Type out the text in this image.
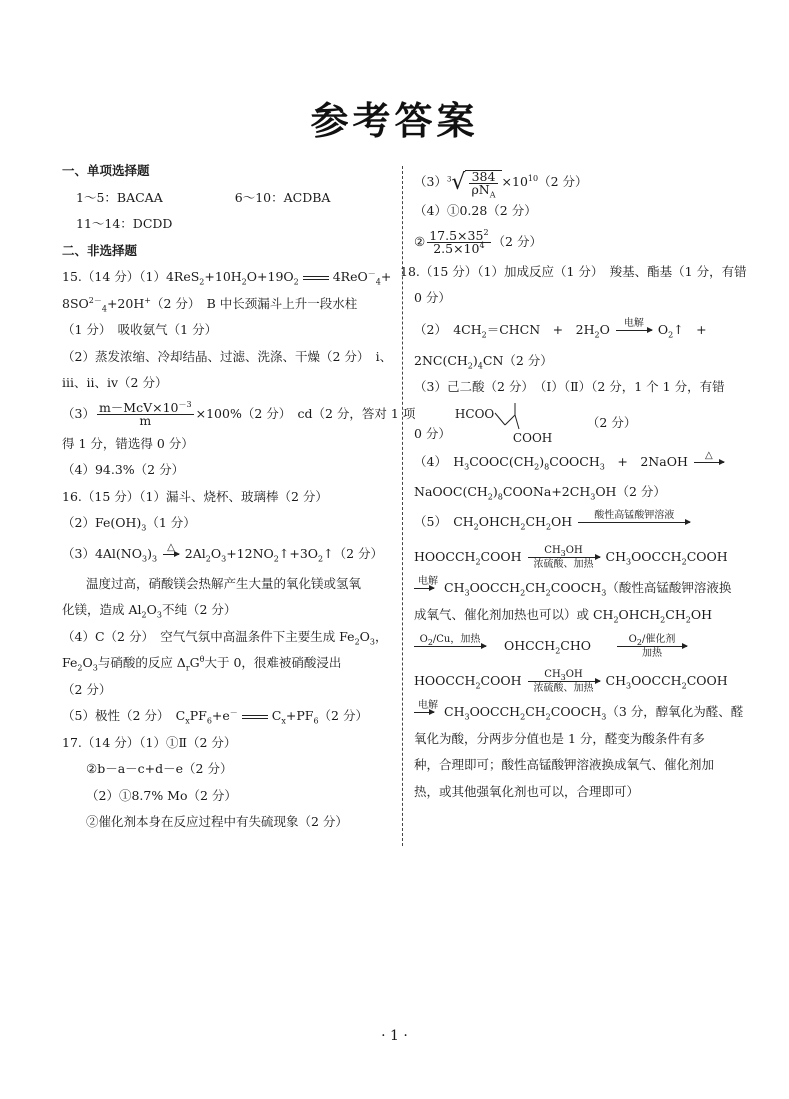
参考答案
一、单项选择题
1～5：BACAA	6～10：ACDBA
11～14：DCDD
二、非选择题
15.（14 分）$(1)4ReS_2+10H_2O+19O_2$	4ReO－$_4$+
$8SO^{2-}_4+20H^+(2$ 分）　B 中长颈漏斗上升一段水柱
（1 分）　吸收氨气（1 分）
（2）蒸发浓缩、冷却结晶、过滤、洗涤、干燥（2 分）　ⅰ、
ⅲ、ⅱ、ⅳ（2 分）
$(3) \frac{m-McV\times 10^{-3}}{m} \times 100\%(2$ 分）　cd（2 分，答对 1 项
得 1 分，错选得 0 分）
（4）94.3%（2 分）
16.（15 分）（1）漏斗、烧杯、玻璃棒（2 分）
$(2)Fe(OH)_3(1$ 分）
$(3)4Al(NO_3)_3$
△
$2Al_2O_3+12NO_2↑+3O_2↑(2$ 分）
温度过高，硝酸镁会热解产生大量的氧化镁或氢氧
化镁，造成 $Al_2O_3$不纯（2 分）
（4）C（2 分）　空气气氛中高温条件下主要生成 $Fe_2O_3$，
$Fe_2O_3$与硝酸的反应 $\Delta_rG^\theta$大于 0，很难被硝酸浸出
（2 分）
（5）极性（2 分）　$C_xPF_6+e^-$	$C_x+PF_6(2$ 分）
17.（14 分）（1）①Ⅱ（2 分）
②b－a－c+d－e（2 分）
（2）①8.7% Mo（2 分）
②催化剂本身在反应过程中有失硫现象（2 分）
$(3)^3√ \frac{384}{\rho N_A} \times 10^{10}(2$ 分）
（4）①0.28（2 分）
② $\frac{17.5\times 35^2}{2.5\times 10^4} (2$ 分）
18.（15 分）（1）加成反应（1 分）　羧基、酯基（1 分，有错
0 分）
（2）　$4CH_2=CHCN$　+　$2H_2O$	电解
	$O_2↑$　+
$2NC(CH_2)_4CN(2$ 分）
（3）己二酸（2 分）　（Ⅰ）（Ⅱ）（2 分，1 个 1 分，有错
0 分）
HCOO
COOH
（2 分）
（4）　$H_3COOC(CH_2)_8COOCH_3$　+　2NaOH	△

$NaOOC(CH_2)_8COONa+2CH_3OH(2$ 分）
（5）　$CH_2OHCH_2CH_2OH$	酸性高锰酸钾溶液

$HOOCCH_2COOH$	$CH_3OH$
浓硫酸、加热
$CH_3OOCCH_2COOH$
电解
$CH_3OOCCH_2CH_2COOCH_3$（酸性高锰酸钾溶液换
成氧气、催化剂加热也可以）或 $CH_2OHCH_2CH_2OH$
$O_2/Cu$，加热
	$OHCCH_2CHO$	$O_2/$催化剂
加热
$HOOCCH_2COOH$	$CH_3OH$
浓硫酸、加热
$CH_3OOCCH_2COOH$
电解
$CH_3OOCCH_2CH_2COOCH_3(3$ 分，醇氧化为醛、醛
氧化为酸，分两步分值也是 1 分，醛变为酸条件有多
种，合理即可；酸性高锰酸钾溶液换成氧气、催化剂加
热，或其他强氧化剂也可以，合理即可）
· 1 ·
